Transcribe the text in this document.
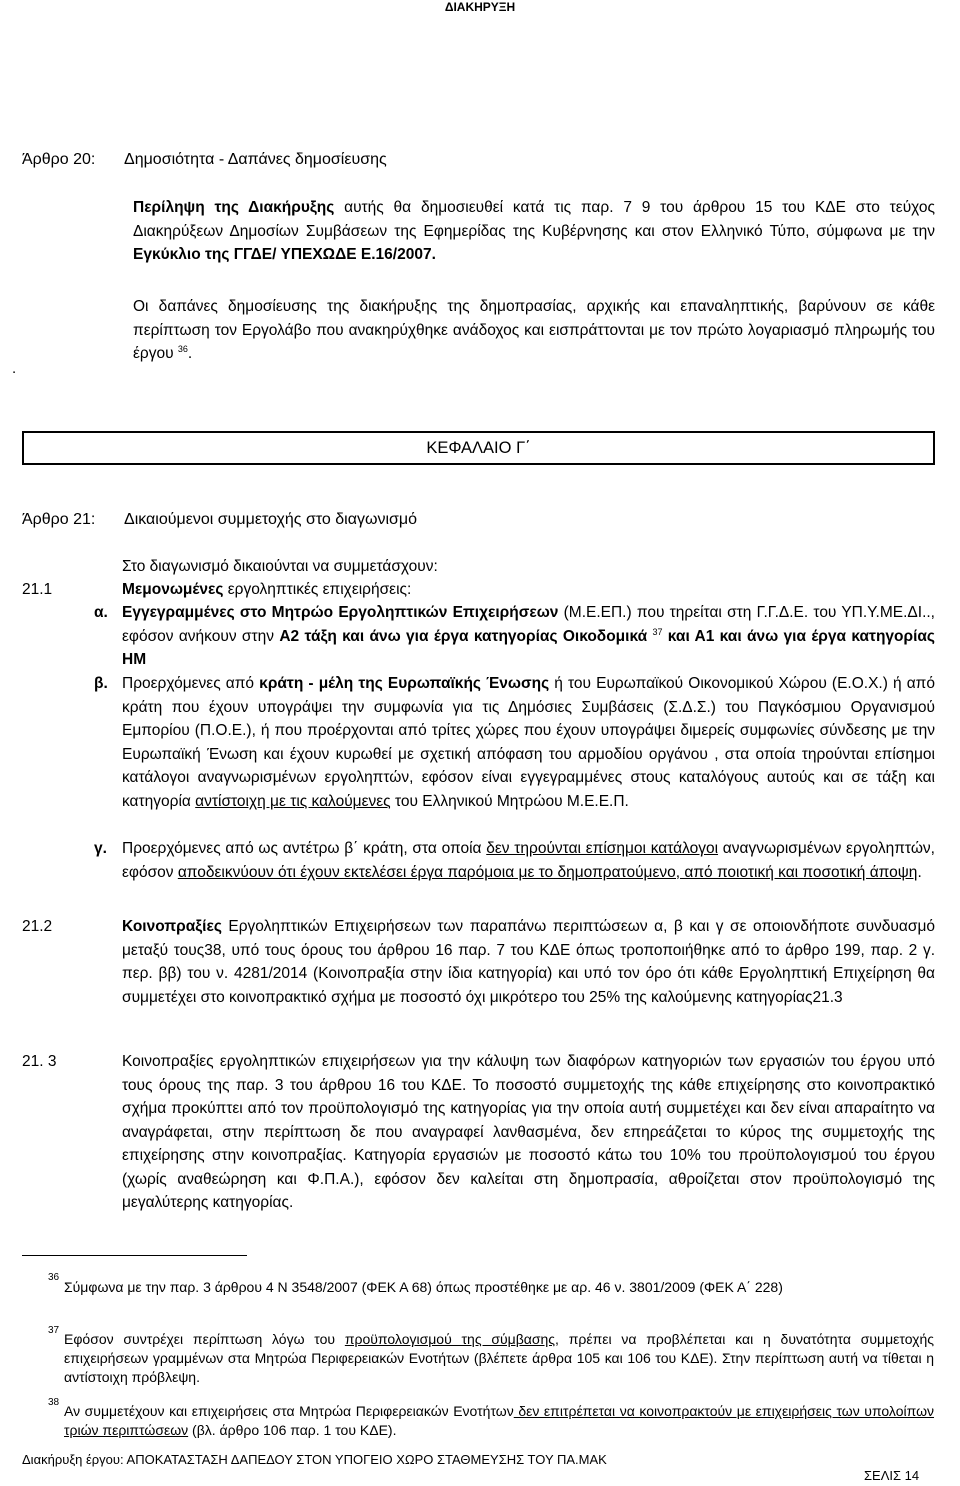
ΔΙΑΚΗΡΥΞΗ
Άρθρο 20: Δημοσιότητα - Δαπάνες δημοσίευσης
Περίληψη της Διακήρυξης αυτής θα δημοσιευθεί κατά τις παρ. 7 9 του άρθρου 15 του ΚΔΕ στο τεύχος Διακηρύξεων Δημοσίων Συμβάσεων της Εφημερίδας της Κυβέρνησης και στον Ελληνικό Τύπο, σύμφωνα με την Εγκύκλιο της ΓΓΔΕ/ ΥΠΕΧΩΔΕ Ε.16/2007.
Οι δαπάνες δημοσίευσης της διακήρυξης της δημοπρασίας, αρχικής και επαναληπτικής, βαρύνουν σε κάθε περίπτωση τον Εργολάβο που ανακηρύχθηκε ανάδοχος και εισπράττονται με τον πρώτο λογαριασμό πληρωμής του έργου $^{36}$.
.
ΚΕΦΑΛΑΙΟ Γ΄
Άρθρο 21: Δικαιούμενοι συμμετοχής στο διαγωνισμό
Στο διαγωνισμό δικαιούνται να συμμετάσχουν:
21.1	Μεμονωμένες εργοληπτικές επιχειρήσεις:
α. Εγγεγραμμένες στο Μητρώο Εργοληπτικών Επιχειρήσεων (Μ.Ε.ΕΠ.) που τηρείται στη Γ.Γ.Δ.Ε. του ΥΠ.Υ.ΜΕ.ΔΙ.., εφόσον ανήκουν στην Α2 τάξη και άνω για έργα κατηγορίας Οικοδομικά $^{37}$ και Α1 και άνω για έργα κατηγορίας ΗΜ
β. Προερχόμενες από κράτη - μέλη της Ευρωπαϊκής Ένωσης ή του Ευρωπαϊκού Οικονομικού Χώρου (Ε.Ο.Χ.) ή από κράτη που έχουν υπογράψει την συμφωνία για τις Δημόσιες Συμβάσεις (Σ.Δ.Σ.) του Παγκόσμιου Οργανισμού Εμπορίου (Π.Ο.Ε.), ή που προέρχονται από τρίτες χώρες που έχουν υπογράψει διμερείς συμφωνίες σύνδεσης με την Ευρωπαϊκή Ένωση και έχουν κυρωθεί με σχετική απόφαση του αρμοδίου οργάνου , στα οποία τηρούνται επίσημοι κατάλογοι αναγνωρισμένων εργοληπτών, εφόσον είναι εγγεγραμμένες στους καταλόγους αυτούς και σε τάξη και κατηγορία αντίστοιχη με τις καλούμενες του Ελληνικού Μητρώου Μ.Ε.Ε.Π.
γ. Προερχόμενες από ως αντέτρω β΄ κράτη, στα οποία δεν τηρούνται επίσημοι κατάλογοι αναγνωρισμένων εργοληπτών, εφόσον αποδεικνύουν ότι έχουν εκτελέσει έργα παρόμοια με το δημοπρατούμενο, από ποιοτική και ποσοτική άποψη.
21.2	Κοινοπραξίες Εργοληπτικών Επιχειρήσεων των παραπάνω περιπτώσεων α, β και γ σε οποιονδήποτε συνδυασμό μεταξύ τους38, υπό τους όρους του άρθρου 16 παρ. 7 του ΚΔΕ όπως τροποποιήθηκε από το άρθρο 199, παρ. 2 γ. περ. ββ) του ν. 4281/2014 (Κοινοπραξία στην ίδια κατηγορία) και υπό τον όρο ότι κάθε Εργοληπτική Επιχείρηση θα συμμετέχει στο κοινοπρακτικό σχήμα με ποσοστό όχι μικρότερο του 25% της καλούμενης κατηγορίας21.3
21. 3	Κοινοπραξίες εργοληπτικών επιχειρήσεων για την κάλυψη των διαφόρων κατηγοριών των εργασιών του έργου υπό τους όρους της παρ. 3 του άρθρου 16 του ΚΔΕ. Το ποσοστό συμμετοχής της κάθε επιχείρησης στο κοινοπρακτικό σχήμα προκύπτει από τον προϋπολογισμό της κατηγορίας για την οποία αυτή συμμετέχει και δεν είναι απαραίτητο να αναγράφεται, στην περίπτωση δε που αναγραφεί λανθασμένα, δεν επηρεάζεται το κύρος της συμμετοχής της επιχείρησης στην κοινοπραξίας. Κατηγορία εργασιών με ποσοστό κάτω του 10% του προϋπολογισμού του έργου (χωρίς αναθεώρηση και Φ.Π.Α.), εφόσον δεν καλείται στη δημοπρασία, αθροίζεται στον προϋπολογισμό της μεγαλύτερης κατηγορίας.
36
Σύμφωνα με την παρ. 3 άρθρου 4 Ν 3548/2007 (ΦΕΚ Α 68) όπως προστέθηκε με αρ. 46 ν. 3801/2009 (ΦΕΚ Α΄ 228)
37
Εφόσον συντρέχει περίπτωση λόγω του προϋπολογισμού της σύμβασης, πρέπει να προβλέπεται και η δυνατότητα συμμετοχής επιχειρήσεων γραμμένων στα Μητρώα Περιφερειακών Ενοτήτων (βλέπετε άρθρα 105 και 106 του ΚΔΕ). Στην περίπτωση αυτή να τίθεται η αντίστοιχη πρόβλεψη.
38
Αν συμμετέχουν και επιχειρήσεις στα Μητρώα Περιφερειακών Ενοτήτων δεν επιτρέπεται να κοινοπρακτούν με επιχειρήσεις των υπολοίπων τριών περιπτώσεων (βλ. άρθρο 106 παρ. 1 του ΚΔΕ).
Διακήρυξη έργου: ΑΠΟΚΑΤΑΣΤΑΣΗ ΔΑΠΕΔΟΥ ΣΤΟΝ ΥΠΟΓΕΙΟ ΧΩΡΟ ΣΤΑΘΜΕΥΣΗΣ ΤΟΥ ΠΑ.ΜΑΚ
ΣΕΛΙΣ 14
